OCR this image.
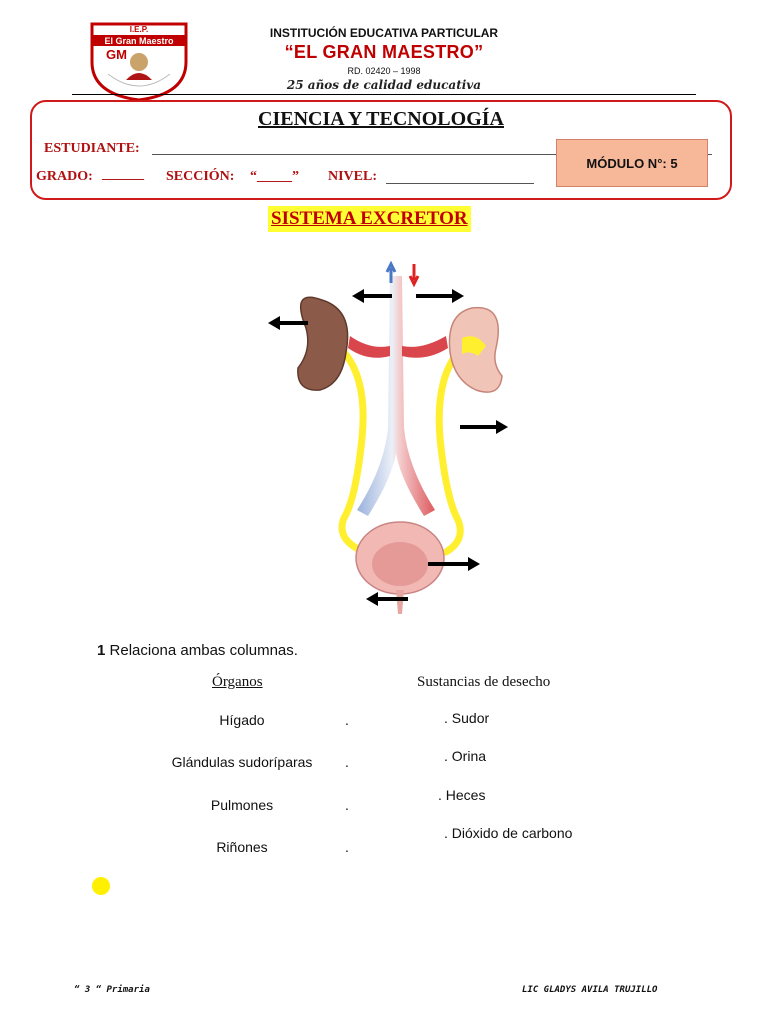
I.E.P.
El Gran Maestro
GM
INSTITUCIÓN EDUCATIVA PARTICULAR
“EL GRAN MAESTRO”
RD. 02420 – 1998
25 años de calidad educativa
CIENCIA Y TECNOLOGÍA
ESTUDIANTE:
GRADO: ______ SECCIÓN: “_____” NIVEL:
MÓDULO N°: 5
SISTEMA EXCRETOR
1 Relaciona ambas columnas.
Órganos	Sustancias de desecho
Hígado
Glándulas sudoríparas
Pulmones
Riñones
.
.
.
.
. Sudor
. Orina
. Heces
. Dióxido de carbono
“ 3 “ Primaria	LIC GLADYS AVILA TRUJILLO
